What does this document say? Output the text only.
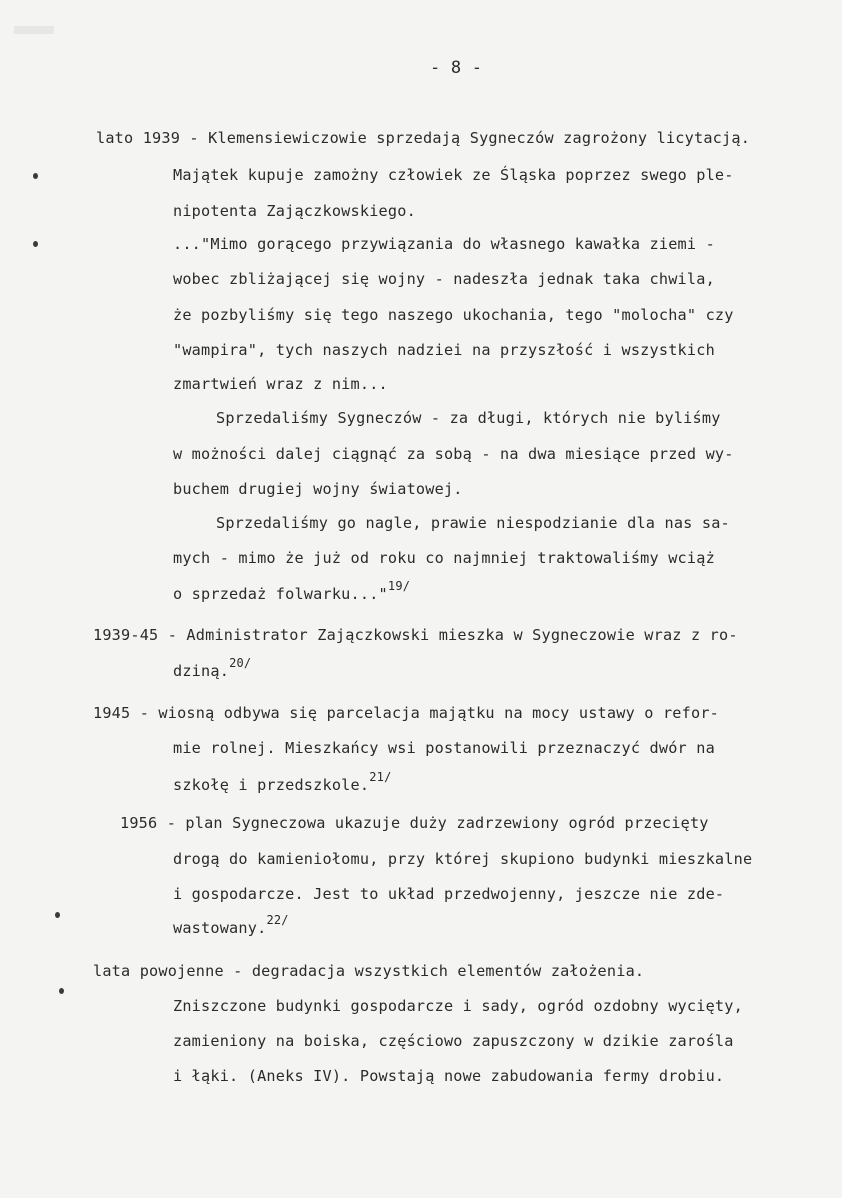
- 8 -
lato 1939 - Klemensiewiczowie sprzedają Sygneczów zagrożony licytacją.
Majątek kupuje zamożny człowiek ze Śląska poprzez swego ple-
nipotenta Zajączkowskiego.
..."Mimo gorącego przywiązania do własnego kawałka ziemi -
wobec zbliżającej się wojny - nadeszła jednak taka chwila,
że pozbyliśmy się tego naszego ukochania, tego "molocha" czy
"wampira", tych naszych nadziei na przyszłość i wszystkich
zmartwień wraz z nim...
Sprzedaliśmy Sygneczów - za długi, których nie byliśmy
w możności dalej ciągnąć za sobą - na dwa miesiące przed wy-
buchem drugiej wojny światowej.
Sprzedaliśmy go nagle, prawie niespodzianie dla nas sa-
mych - mimo że już od roku co najmniej traktowaliśmy wciąż
o sprzedaż folwarku..."$^{19/}$
1939-45 - Administrator Zajączkowski mieszka w Sygneczowie wraz z ro-
dziną.$^{20/}$
1945 - wiosną odbywa się parcelacja majątku na mocy ustawy o refor-
mie rolnej. Mieszkańcy wsi postanowili przeznaczyć dwór na
szkołę i przedszkole.$^{21/}$
1956 - plan Sygneczowa ukazuje duży zadrzewiony ogród przecięty
drogą do kamieniołomu, przy której skupiono budynki mieszkalne
i gospodarcze. Jest to układ przedwojenny, jeszcze nie zde-
wastowany.$^{22/}$
lata powojenne - degradacja wszystkich elementów założenia.
Zniszczone budynki gospodarcze i sady, ogród ozdobny wycięty,
zamieniony na boiska, częściowo zapuszczony w dzikie zarośla
i łąki. (Aneks IV). Powstają nowe zabudowania fermy drobiu.
